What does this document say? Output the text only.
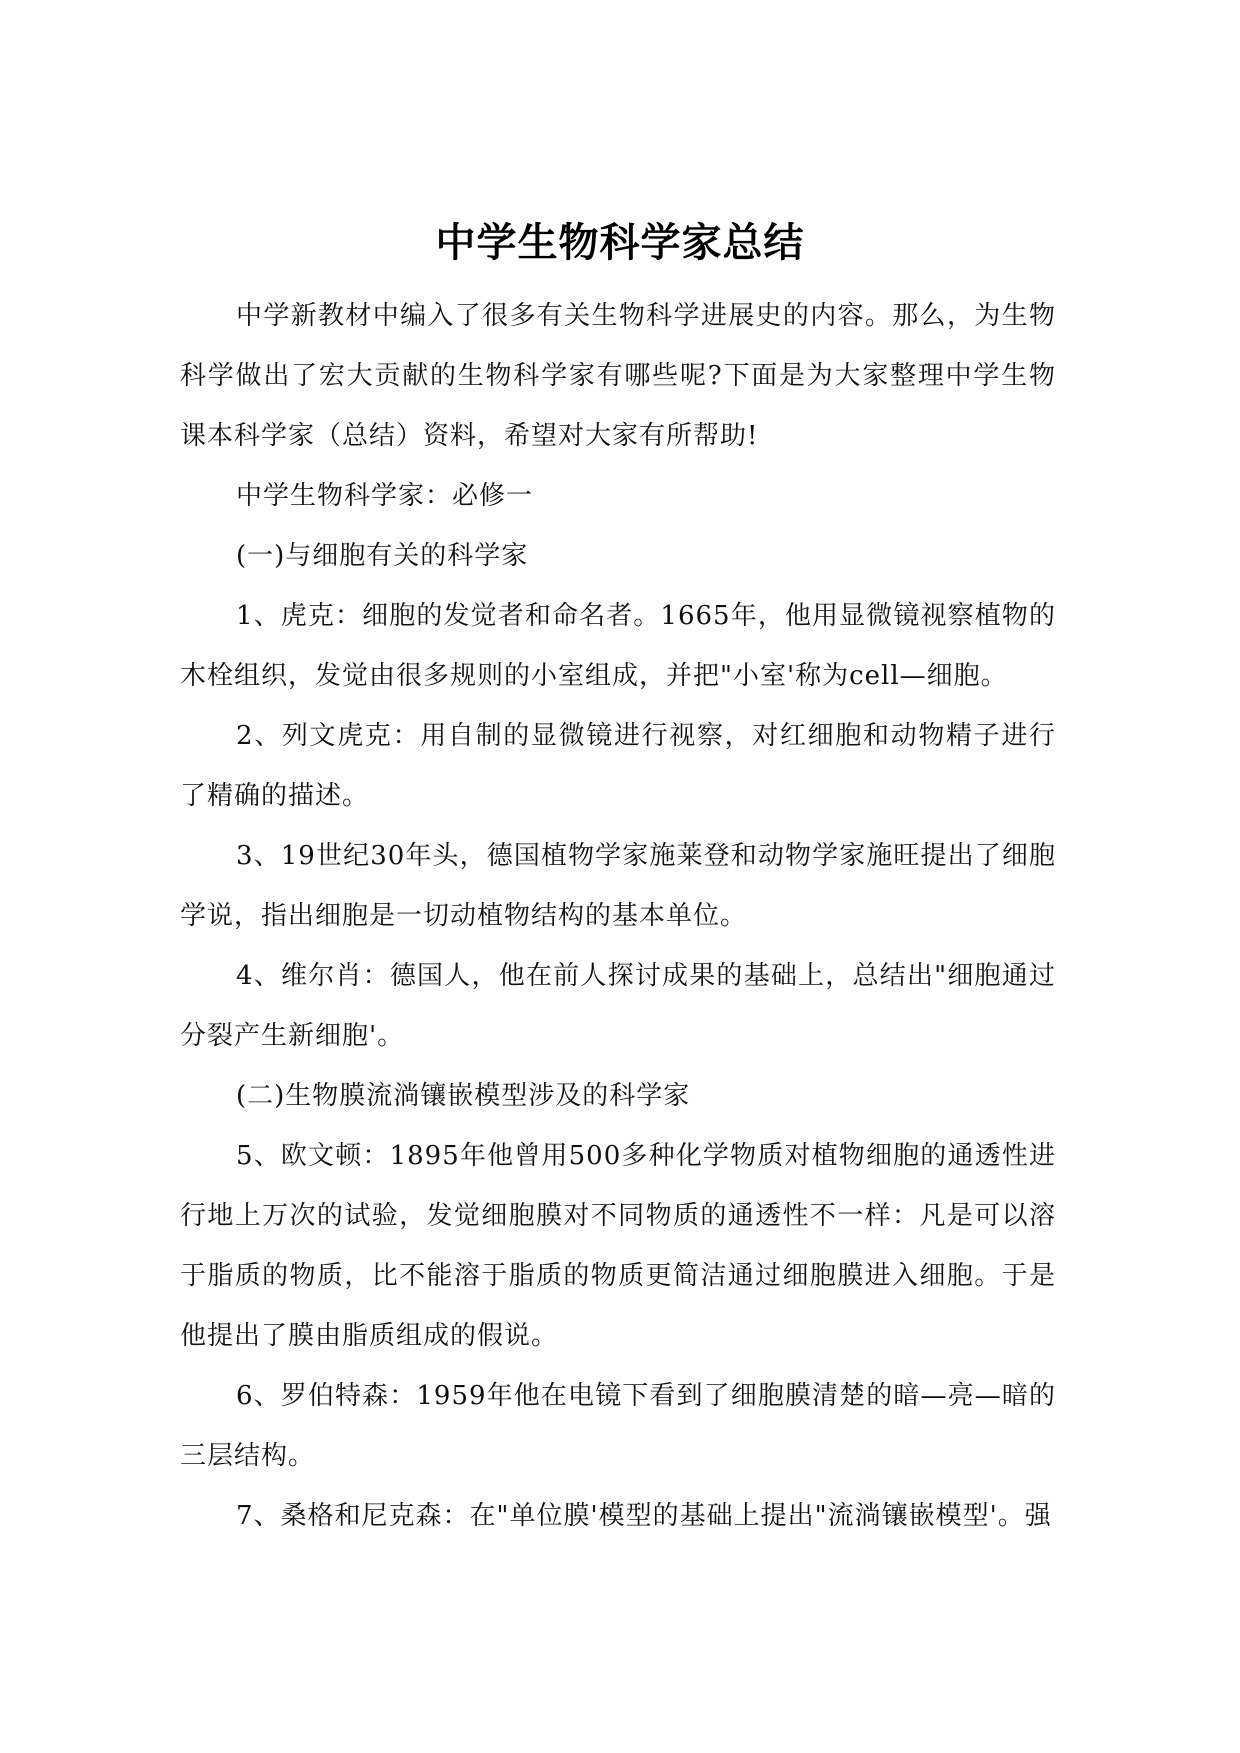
中学生物科学家总结

中学新教材中编入了很多有关生物科学进展史的内容。那么，为生物科学做出了宏大贡献的生物科学家有哪些呢?下面是为大家整理中学生物课本科学家（总结）资料，希望对大家有所帮助!

中学生物科学家：必修一

(一)与细胞有关的科学家

1、虎克：细胞的发觉者和命名者。1665年，他用显微镜视察植物的木栓组织，发觉由很多规则的小室组成，并把"小室'称为cell—细胞。

2、列文虎克：用自制的显微镜进行视察，对红细胞和动物精子进行了精确的描述。

3、19世纪30年头，德国植物学家施莱登和动物学家施旺提出了细胞学说，指出细胞是一切动植物结构的基本单位。

4、维尔肖：德国人，他在前人探讨成果的基础上，总结出"细胞通过分裂产生新细胞'。

(二)生物膜流淌镶嵌模型涉及的科学家

5、欧文顿：1895年他曾用500多种化学物质对植物细胞的通透性进行地上万次的试验，发觉细胞膜对不同物质的通透性不一样：凡是可以溶于脂质的物质，比不能溶于脂质的物质更简洁通过细胞膜进入细胞。于是他提出了膜由脂质组成的假说。

6、罗伯特森：1959年他在电镜下看到了细胞膜清楚的暗—亮—暗的三层结构。

7、桑格和尼克森：在"单位膜'模型的基础上提出"流淌镶嵌模型'。强
